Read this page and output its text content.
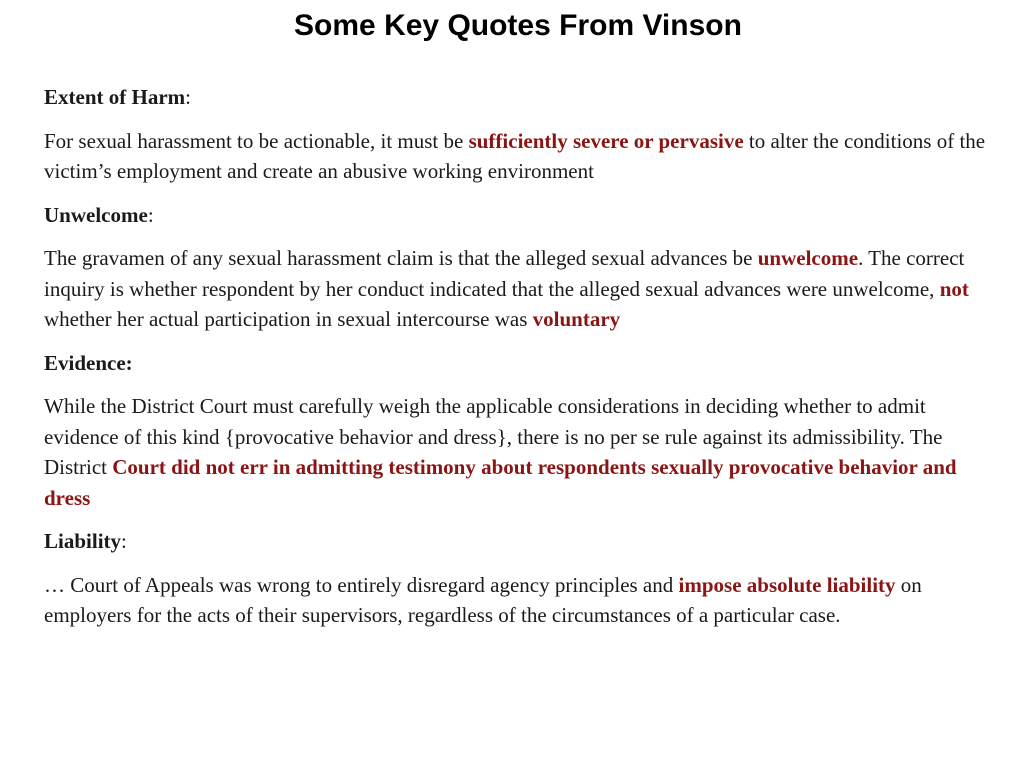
Some Key Quotes From Vinson

Extent of Harm:

For sexual harassment to be actionable, it must be sufficiently severe or pervasive to alter the conditions of the victim’s employment and create an abusive working environment

Unwelcome:

The gravamen of any sexual harassment claim is that the alleged sexual advances be unwelcome. The correct inquiry is whether respondent by her conduct indicated that the alleged sexual advances were unwelcome, not whether her actual participation in sexual intercourse was voluntary

Evidence:

While the District Court must carefully weigh the applicable considerations in deciding whether to admit evidence of this kind {provocative behavior and dress}, there is no per se rule against its admissibility. The District Court did not err in admitting testimony about respondents sexually provocative behavior and dress

Liability:

… Court of Appeals was wrong to entirely disregard agency principles and impose absolute liability on employers for the acts of their supervisors, regardless of the circumstances of a particular case.
